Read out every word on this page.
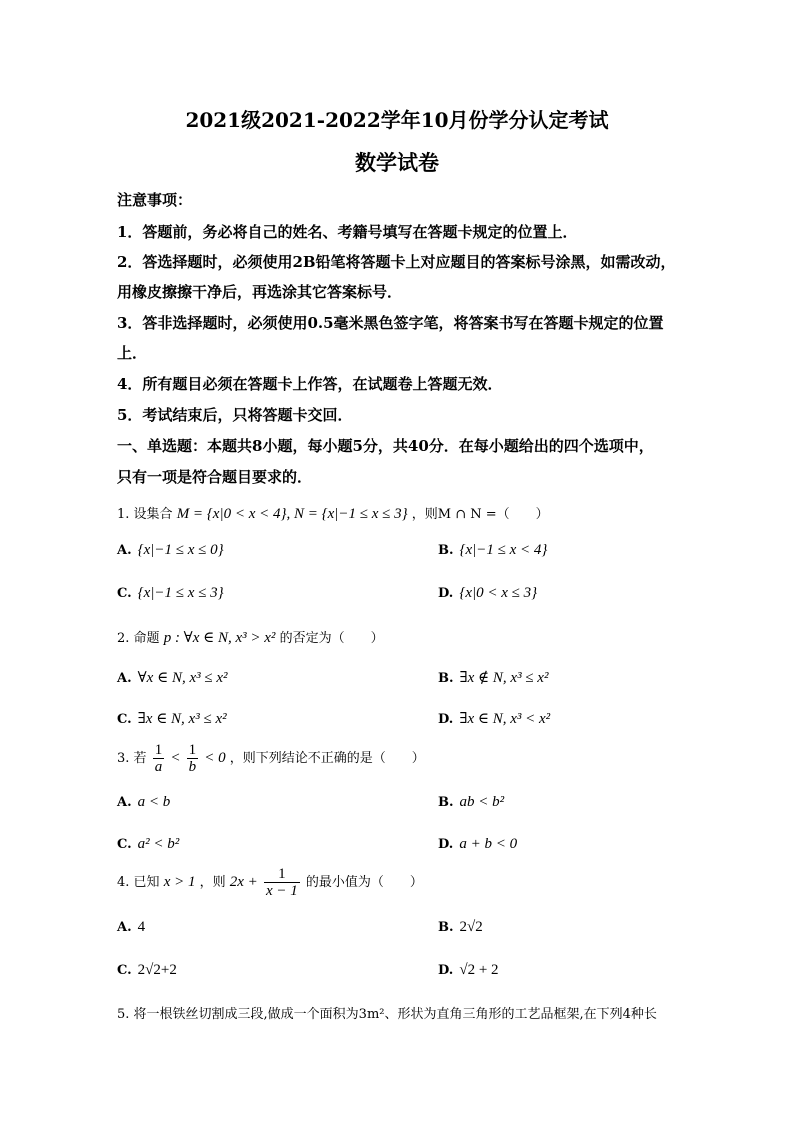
2021级2021-2022学年10月份学分认定考试
数学试卷
注意事项：
1．答题前，务必将自己的姓名、考籍号填写在答题卡规定的位置上．
2．答选择题时，必须使用2B铅笔将答题卡上对应题目的答案标号涂黑，如需改动，
用橡皮擦擦干净后，再选涂其它答案标号．
3．答非选择题时，必须使用0.5毫米黑色签字笔，将答案书写在答题卡规定的位置
上．
4．所有题目必须在答题卡上作答，在试题卷上答题无效．
5．考试结束后，只将答题卡交回．
一、单选题：本题共8小题，每小题5分，共40分．在每小题给出的四个选项中，
只有一项是符合题目要求的．
1. 设集合 M = {x|0 < x < 4}, N = {x|−1 ≤ x ≤ 3} ，则M ∩ N =（　　）
A. {x|−1 ≤ x ≤ 0}	B. {x|−1 ≤ x < 4}
C. {x|−1 ≤ x ≤ 3}	D. {x|0 < x ≤ 3}
2. 命题 p : ∀x ∈ N, x³ > x² 的否定为（　　）
A. ∀x ∈ N, x³ ≤ x²	B. ∃x ∉ N, x³ ≤ x²
C. ∃x ∈ N, x³ ≤ x²	D. ∃x ∈ N, x³ < x²
3. 若 $\frac{1}{a} < \frac{1}{b} < 0$ ，则下列结论不正确的是（　　）
A. a < b	B. ab < b²
C. a² < b²	D. a + b < 0
4. 已知 x > 1 ，则 $2x + \frac{1}{x - 1}$ 的最小值为（　　）
A. 4	B. 2√2
C. 2√2+2	D. √2 + 2
5. 将一根铁丝切割成三段,做成一个面积为3m²、形状为直角三角形的工艺品框架,在下列4种长
